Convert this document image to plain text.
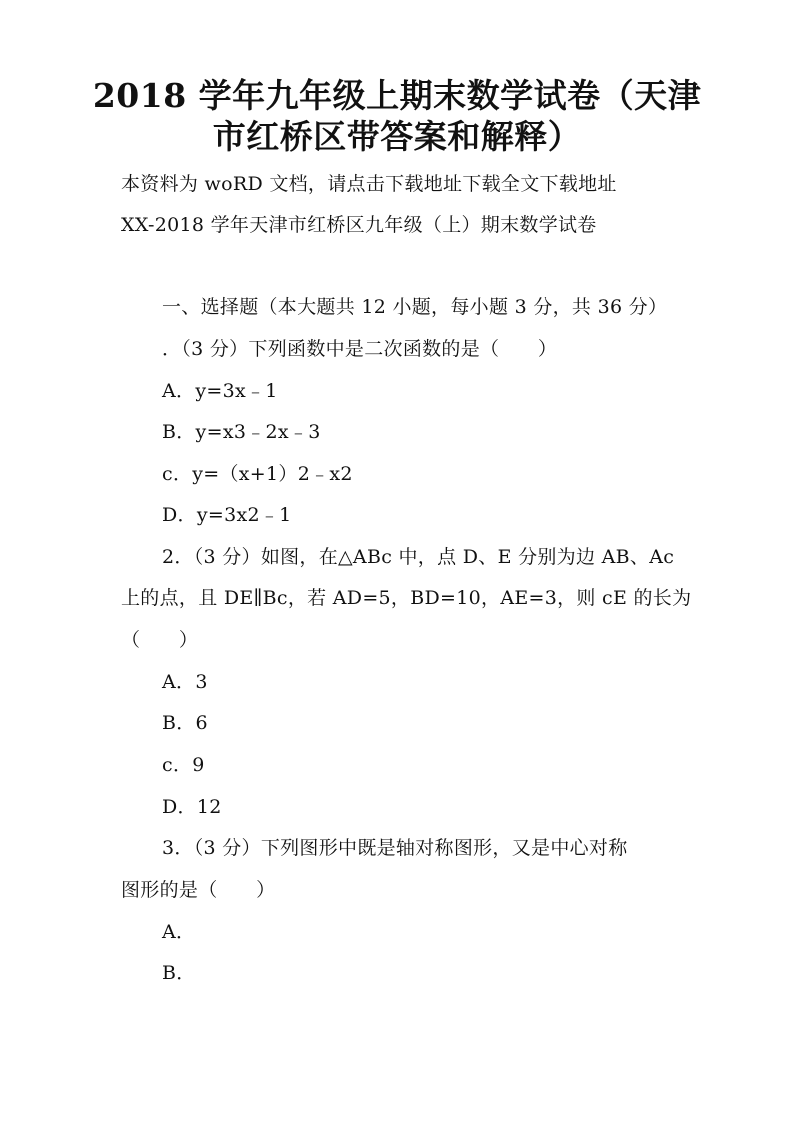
2018 学年九年级上期末数学试卷（天津
市红桥区带答案和解释）
本资料为 woRD 文档，请点击下载地址下载全文下载地址
XX-2018 学年天津市红桥区九年级（上）期末数学试卷
一、选择题（本大题共 12 小题，每小题 3 分，共 36 分）
．（3 分）下列函数中是二次函数的是（　　）
A．y=3x﹣1
B．y=x3﹣2x﹣3
c．y=（x+1）2﹣x2
D．y=3x2﹣1
2．（3 分）如图，在△ABc 中，点 D、E 分别为边 AB、Ac
上的点，且 DE∥Bc，若 AD=5，BD=10，AE=3，则 cE 的长为
（　　）
A．3
B．6
c．9
D．12
3．（3 分）下列图形中既是轴对称图形，又是中心对称
图形的是（　　）
A．
B．
